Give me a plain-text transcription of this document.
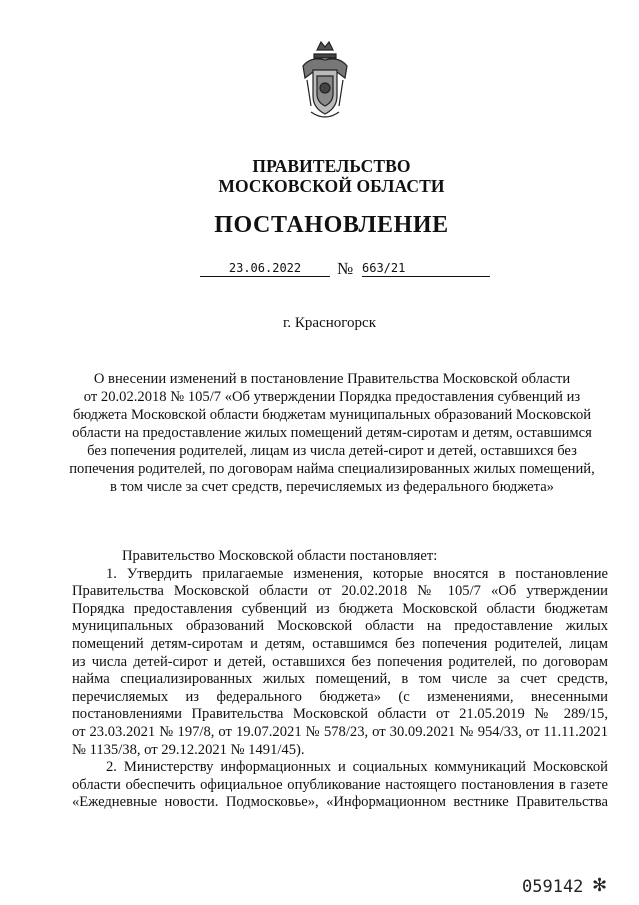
ПРАВИТЕЛЬСТВО
МОСКОВСКОЙ ОБЛАСТИ
ПОСТАНОВЛЕНИЕ
23.06.2022	№ 663/21
г. Красногорск
О внесении изменений в постановление Правительства Московской области
от 20.02.2018 № 105/7 «Об утверждении Порядка предоставления субвенций из
бюджета Московской области бюджетам муниципальных образований Московской
области на предоставление жилых помещений детям-сиротам и детям, оставшимся
без попечения родителей, лицам из числа детей-сирот и детей, оставшихся без
попечения родителей, по договорам найма специализированных жилых помещений,
в том числе за счет средств, перечисляемых из федерального бюджета»
Правительство Московской области постановляет:
1. Утвердить прилагаемые изменения, которые вносятся в постановление
Правительства Московской области от 20.02.2018 № 105/7 «Об утверждении
Порядка предоставления субвенций из бюджета Московской области бюджетам
муниципальных образований Московской области на предоставление жилых
помещений детям-сиротам и детям, оставшимся без попечения родителей, лицам
из числа детей-сирот и детей, оставшихся без попечения родителей, по договорам
найма специализированных жилых помещений, в том числе за счет средств,
перечисляемых из федерального бюджета» (с изменениями, внесенными
постановлениями Правительства Московской области от 21.05.2019 № 289/15,
от 23.03.2021 № 197/8, от 19.07.2021 № 578/23, от 30.09.2021 № 954/33, от 11.11.2021
№ 1135/38, от 29.12.2021 № 1491/45).
2. Министерству информационных и социальных коммуникаций Московской
области обеспечить официальное опубликование настоящего постановления в газете
«Ежедневные новости. Подмосковье», «Информационном вестнике Правительства
059142 ✻
